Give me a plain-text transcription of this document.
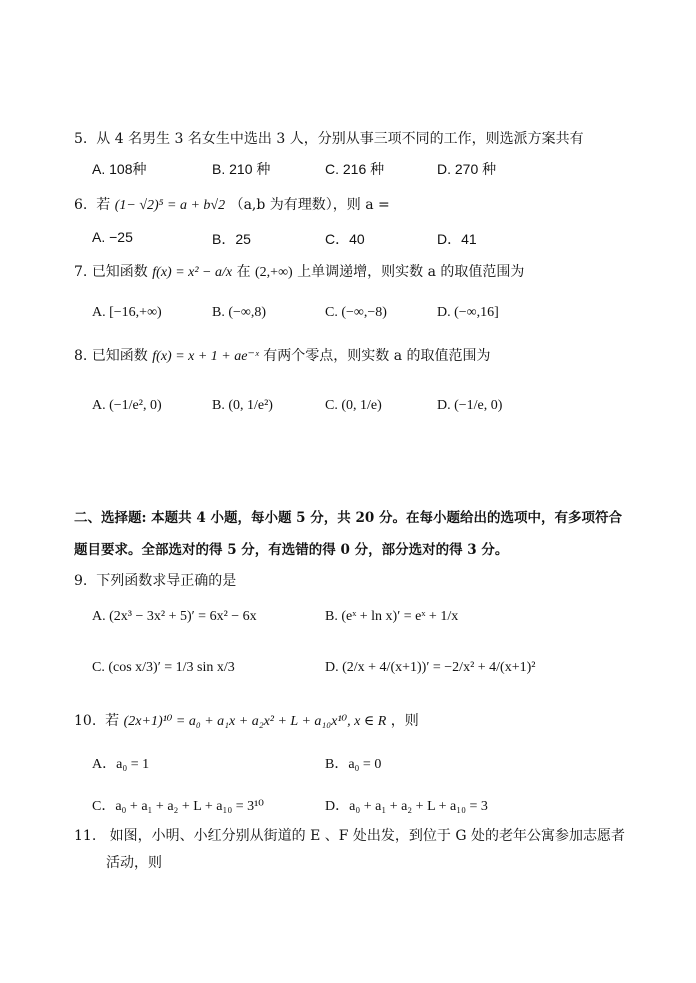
5. 从 4 名男生 3 名女生中选出 3 人，分别从事三项不同的工作，则选派方案共有
A. 108种	B. 210 种	C. 216 种	D. 270 种
6. 若 (1− √2)⁵ = a + b√2 （a,b 为有理数），则 a =
A. −25	B．25	C．40	D．41
7. 已知函数 f(x) = x² − a/x 在 (2,+∞) 上单调递增，则实数 a 的取值范围为
A. [−16,+∞)	B. (−∞,8)	C. (−∞,−8)	D. (−∞,16]
8. 已知函数 f(x) = x + 1 + ae⁻ˣ 有两个零点，则实数 a 的取值范围为
A. (−1/e², 0)	B. (0, 1/e²)	C. (0, 1/e)	D. (−1/e, 0)
二、选择题: 本题共 4 小题，每小题 5 分，共 20 分。在每小题给出的选项中，有多项符合
题目要求。全部选对的得 5 分，有选错的得 0 分，部分选对的得 3 分。
9. 下列函数求导正确的是
A. (2x³ − 3x² + 5)′ = 6x² − 6x	B. (eˣ + ln x)′ = eˣ + 1/x
C. (cos x/3)′ = 1/3 sin x/3	D. (2/x + 4/(x+1))′ = −2/x² + 4/(x+1)²
10. 若 (2x+1)¹⁰ = a₀ + a₁x + a₂x² + L + a₁₀x¹⁰, x ∈ R ，则
A．a₀ = 1	B．a₀ = 0
C．a₀ + a₁ + a₂ + L + a₁₀ = 3¹⁰	D．a₀ + a₁ + a₂ + L + a₁₀ = 3
11. 如图，小明、小红分别从街道的 E 、F 处出发，到位于 G 处的老年公寓参加志愿者
活动，则
